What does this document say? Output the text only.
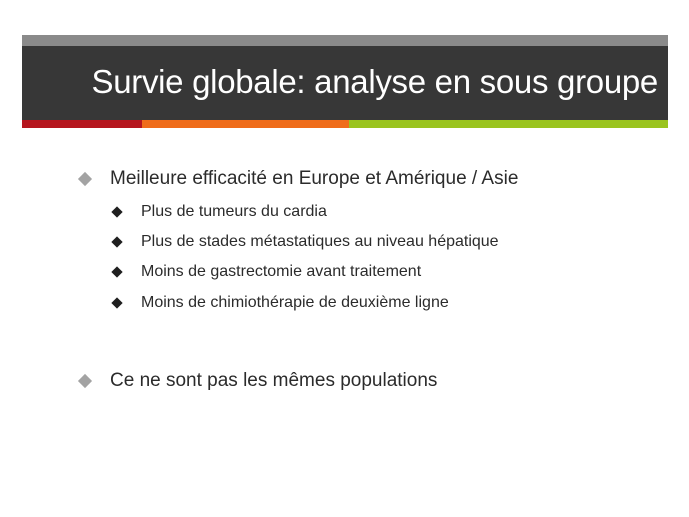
Survie globale: analyse en sous groupe
Meilleure efficacité en Europe et Amérique / Asie
Plus de tumeurs du cardia
Plus de stades métastatiques au niveau hépatique
Moins de gastrectomie avant traitement
Moins de chimiothérapie de deuxième ligne
Ce ne sont pas les mêmes populations
